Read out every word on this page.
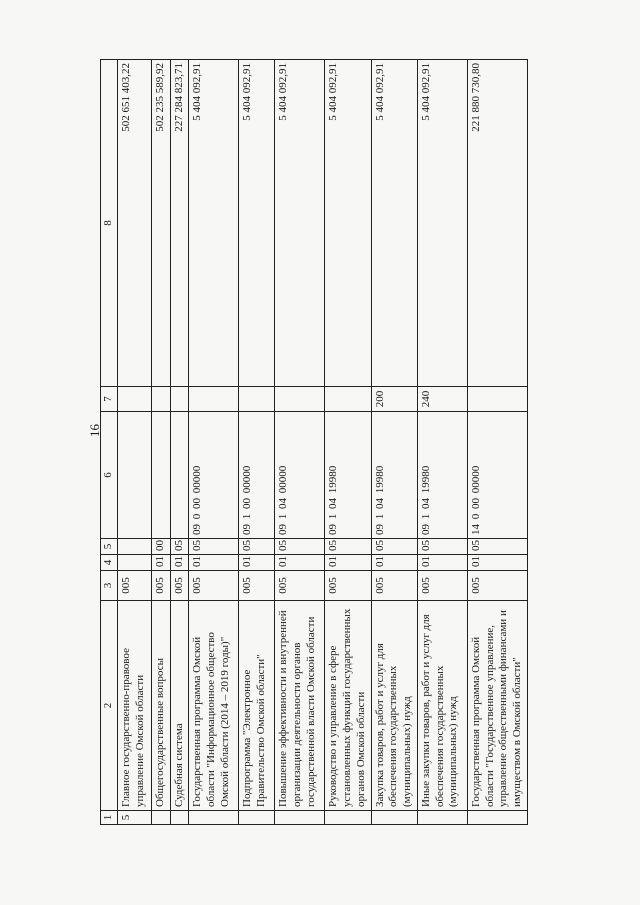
16
1	2	3	4	5	6	7	8
5	Главное государственно-правовое управление Омской области	005					502 651 403,22
	Общегосударственные вопросы	005	01	00			502 235 589,92
	Судебная система	005	01	05			227 284 823,71
	Государственная программа Омской области "Информационное общество Омской области (2014 – 2019 годы)"	005	01	05	09 0 00 00000		5 404 092,91
	Подпрограмма "Электронное Правительство Омской области"	005	01	05	09 1 00 00000		5 404 092,91
	Повышение эффективности и внутренней организации деятельности органов государственной власти Омской области	005	01	05	09 1 04 00000		5 404 092,91
	Руководство и управление в сфере установленных функций государственных органов Омской области	005	01	05	09 1 04 19980		5 404 092,91
	Закупка товаров, работ и услуг для обеспечения государственных (муниципальных) нужд	005	01	05	09 1 04 19980	200	5 404 092,91
	Иные закупки товаров, работ и услуг для обеспечения государственных (муниципальных) нужд	005	01	05	09 1 04 19980	240	5 404 092,91
	Государственная программа Омской области "Государственное управление, управление общественными финансами и имуществом в Омской области"	005	01	05	14 0 00 00000		221 880 730,80
